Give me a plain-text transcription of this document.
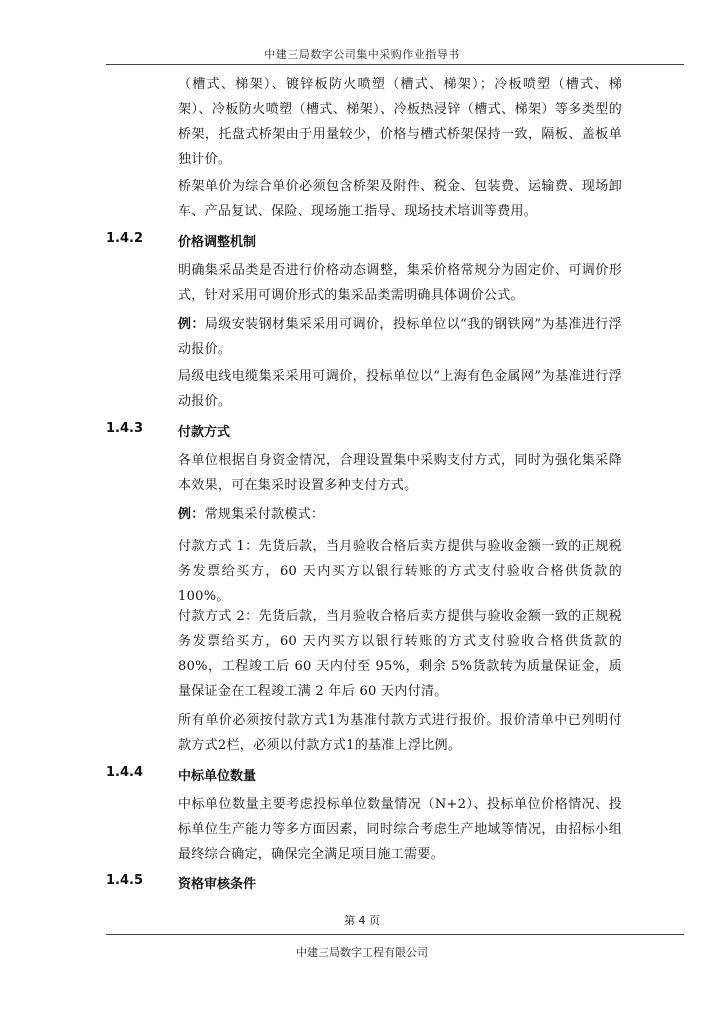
中建三局数字公司集中采购作业指导书

（槽式、梯架）、镀锌板防火喷塑（槽式、梯架）；冷板喷塑（槽式、梯架）、冷板防火喷塑（槽式、梯架）、冷板热浸锌（槽式、梯架）等多类型的桥架，托盘式桥架由于用量较少，价格与槽式桥架保持一致，隔板、盖板单独计价。

桥架单价为综合单价必须包含桥架及附件、税金、包装费、运输费、现场卸车、产品复试、保险、现场施工指导、现场技术培训等费用。

1.4.2	价格调整机制

明确集采品类是否进行价格动态调整，集采价格常规分为固定价、可调价形式，针对采用可调价形式的集采品类需明确具体调价公式。

例：局级安装钢材集采采用可调价，投标单位以“我的钢铁网”为基准进行浮动报价。

局级电线电缆集采采用可调价，投标单位以“上海有色金属网”为基准进行浮动报价。

1.4.3	付款方式

各单位根据自身资金情况，合理设置集中采购支付方式，同时为强化集采降本效果，可在集采时设置多种支付方式。

例：常规集采付款模式：

付款方式 1：先货后款，当月验收合格后卖方提供与验收金额一致的正规税务发票给买方，60 天内买方以银行转账的方式支付验收合格供货款的 100%。

付款方式 2：先货后款，当月验收合格后卖方提供与验收金额一致的正规税务发票给买方，60 天内买方以银行转账的方式支付验收合格供货款的 80%，工程竣工后 60 天内付至 95%，剩余 5%货款转为质量保证金，质量保证金在工程竣工满 2 年后 60 天内付清。

所有单价必须按付款方式1为基准付款方式进行报价。报价清单中已列明付款方式2栏，必须以付款方式1的基准上浮比例。

1.4.4	中标单位数量

中标单位数量主要考虑投标单位数量情况（N+2）、投标单位价格情况、投标单位生产能力等多方面因素，同时综合考虑生产地域等情况，由招标小组最终综合确定，确保完全满足项目施工需要。

1.4.5	资格审核条件
第 4 页
中建三局数字工程有限公司
